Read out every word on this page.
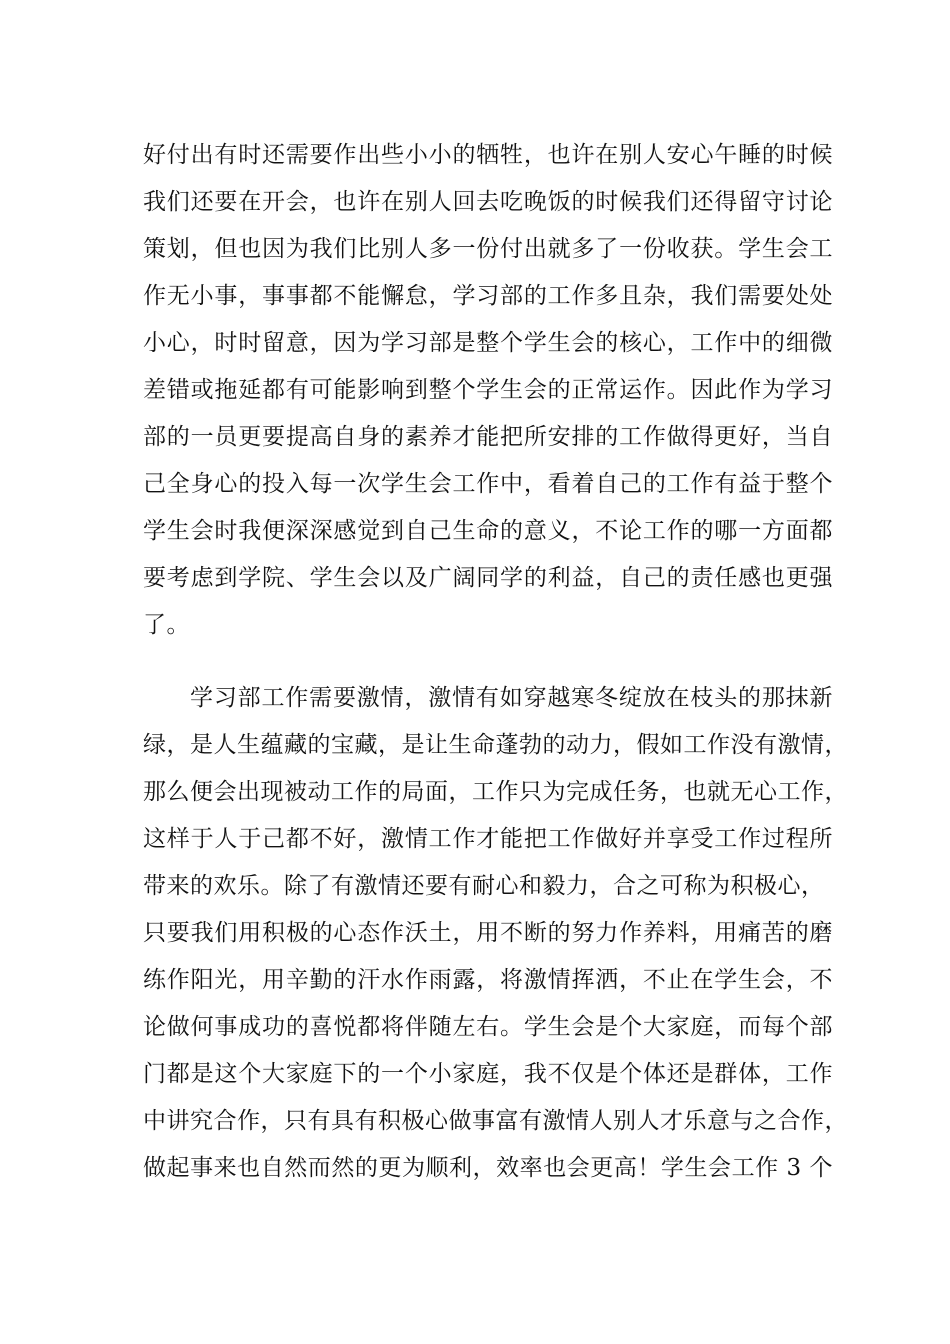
好付出有时还需要作出些小小的牺牲，也许在别人安心午睡的时候
我们还要在开会，也许在别人回去吃晚饭的时候我们还得留守讨论
策划，但也因为我们比别人多一份付出就多了一份收获。学生会工
作无小事，事事都不能懈怠，学习部的工作多且杂，我们需要处处
小心，时时留意，因为学习部是整个学生会的核心，工作中的细微
差错或拖延都有可能影响到整个学生会的正常运作。因此作为学习
部的一员更要提高自身的素养才能把所安排的工作做得更好，当自
己全身心的投入每一次学生会工作中，看着自己的工作有益于整个
学生会时我便深深感觉到自己生命的意义，不论工作的哪一方面都
要考虑到学院、学生会以及广阔同学的利益，自己的责任感也更强
了。
学习部工作需要激情，激情有如穿越寒冬绽放在枝头的那抹新
绿，是人生蕴藏的宝藏，是让生命蓬勃的动力，假如工作没有激情，
那么便会出现被动工作的局面，工作只为完成任务，也就无心工作，
这样于人于己都不好，激情工作才能把工作做好并享受工作过程所
带来的欢乐。除了有激情还要有耐心和毅力，合之可称为积极心，
只要我们用积极的心态作沃土，用不断的努力作养料，用痛苦的磨
练作阳光，用辛勤的汗水作雨露，将激情挥洒，不止在学生会，不
论做何事成功的喜悦都将伴随左右。学生会是个大家庭，而每个部
门都是这个大家庭下的一个小家庭，我不仅是个体还是群体，工作
中讲究合作，只有具有积极心做事富有激情人别人才乐意与之合作，
做起事来也自然而然的更为顺利，效率也会更高！学生会工作 3 个
